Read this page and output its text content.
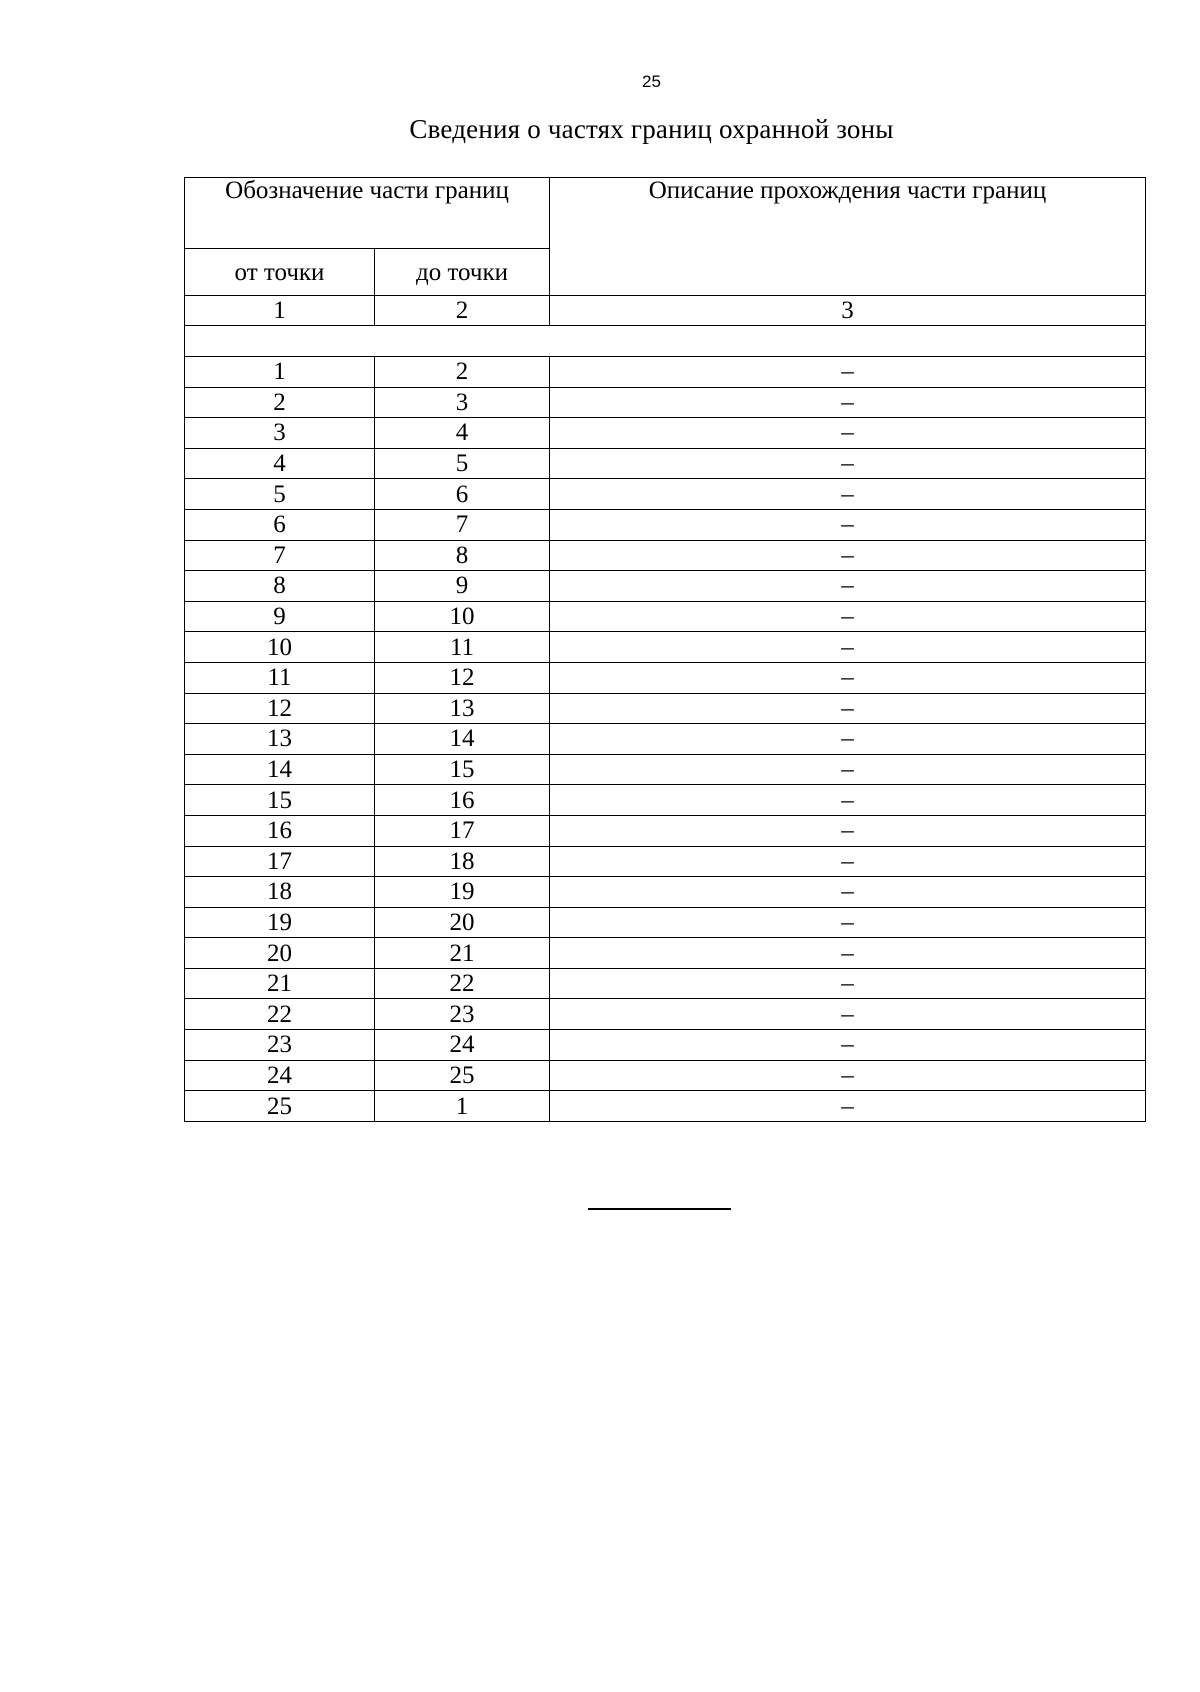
25
Сведения о частях границ охранной зоны
Обозначение части границ		Описание прохождения части границ
от точки	до точки	
1	2	3

1	2	–
2	3	–
3	4	–
4	5	–
5	6	–
6	7	–
7	8	–
8	9	–
9	10	–
10	11	–
11	12	–
12	13	–
13	14	–
14	15	–
15	16	–
16	17	–
17	18	–
18	19	–
19	20	–
20	21	–
21	22	–
22	23	–
23	24	–
24	25	–
25	1	–
